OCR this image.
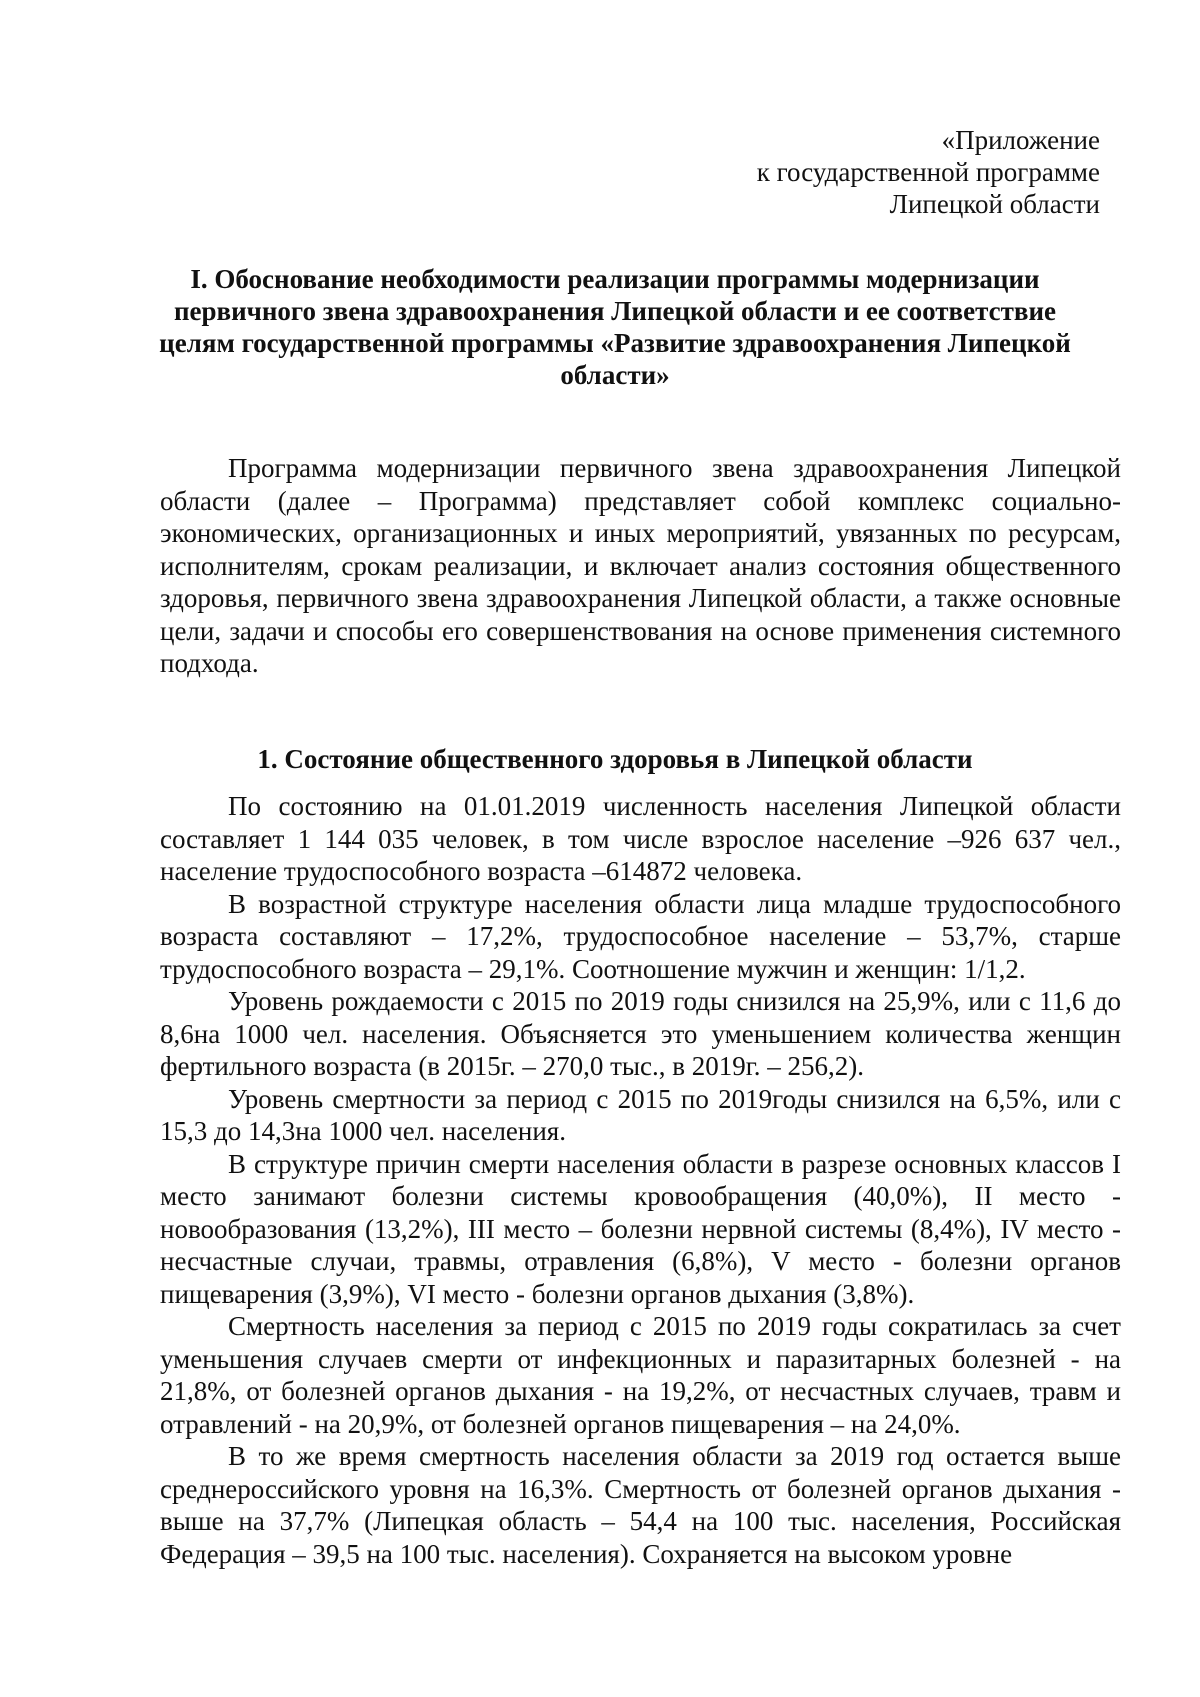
«Приложение
к государственной программе
Липецкой области
I. Обоснование необходимости реализации программы модернизации первичного звена здравоохранения Липецкой области и ее соответствие целям государственной программы «Развитие здравоохранения Липецкой области»

Программа модернизации первичного звена здравоохранения Липецкой области (далее – Программа) представляет собой комплекс социально-экономических, организационных и иных мероприятий, увязанных по ресурсам, исполнителям, срокам реализации, и включает анализ состояния общественного здоровья, первичного звена здравоохранения Липецкой области, а также основные цели, задачи и способы его совершенствования на основе применения системного подхода.

1. Состояние общественного здоровья в Липецкой области

По состоянию на 01.01.2019 численность населения Липецкой области составляет 1 144 035 человек, в том числе взрослое население –926 637 чел., население трудоспособного возраста –614872 человека.

В возрастной структуре населения области лица младше трудоспособного возраста составляют – 17,2%, трудоспособное население – 53,7%, старше трудоспособного возраста – 29,1%. Соотношение мужчин и женщин: 1/1,2.

Уровень рождаемости с 2015 по 2019 годы снизился на 25,9%, или с 11,6 до 8,6на 1000 чел. населения. Объясняется это уменьшением количества женщин фертильного возраста (в 2015г. – 270,0 тыс., в 2019г. – 256,2).

Уровень смертности за период с 2015 по 2019годы снизился на 6,5%, или с 15,3 до 14,3на 1000 чел. населения.

В структуре причин смерти населения области в разрезе основных классов I место занимают болезни системы кровообращения (40,0%), II место - новообразования (13,2%), III место – болезни нервной системы (8,4%), IV место - несчастные случаи, травмы, отравления (6,8%), V место - болезни органов пищеварения (3,9%), VI место - болезни органов дыхания (3,8%).

Смертность населения за период с 2015 по 2019 годы сократилась за счет уменьшения случаев смерти от инфекционных и паразитарных болезней - на 21,8%, от болезней органов дыхания - на 19,2%, от несчастных случаев, травм и отравлений - на 20,9%, от болезней органов пищеварения – на 24,0%.

В то же время смертность населения области за 2019 год остается выше среднероссийского уровня на 16,3%. Смертность от болезней органов дыхания - выше на 37,7% (Липецкая область – 54,4 на 100 тыс. населения, Российская Федерация – 39,5 на 100 тыс. населения). Сохраняется на высоком уровне
